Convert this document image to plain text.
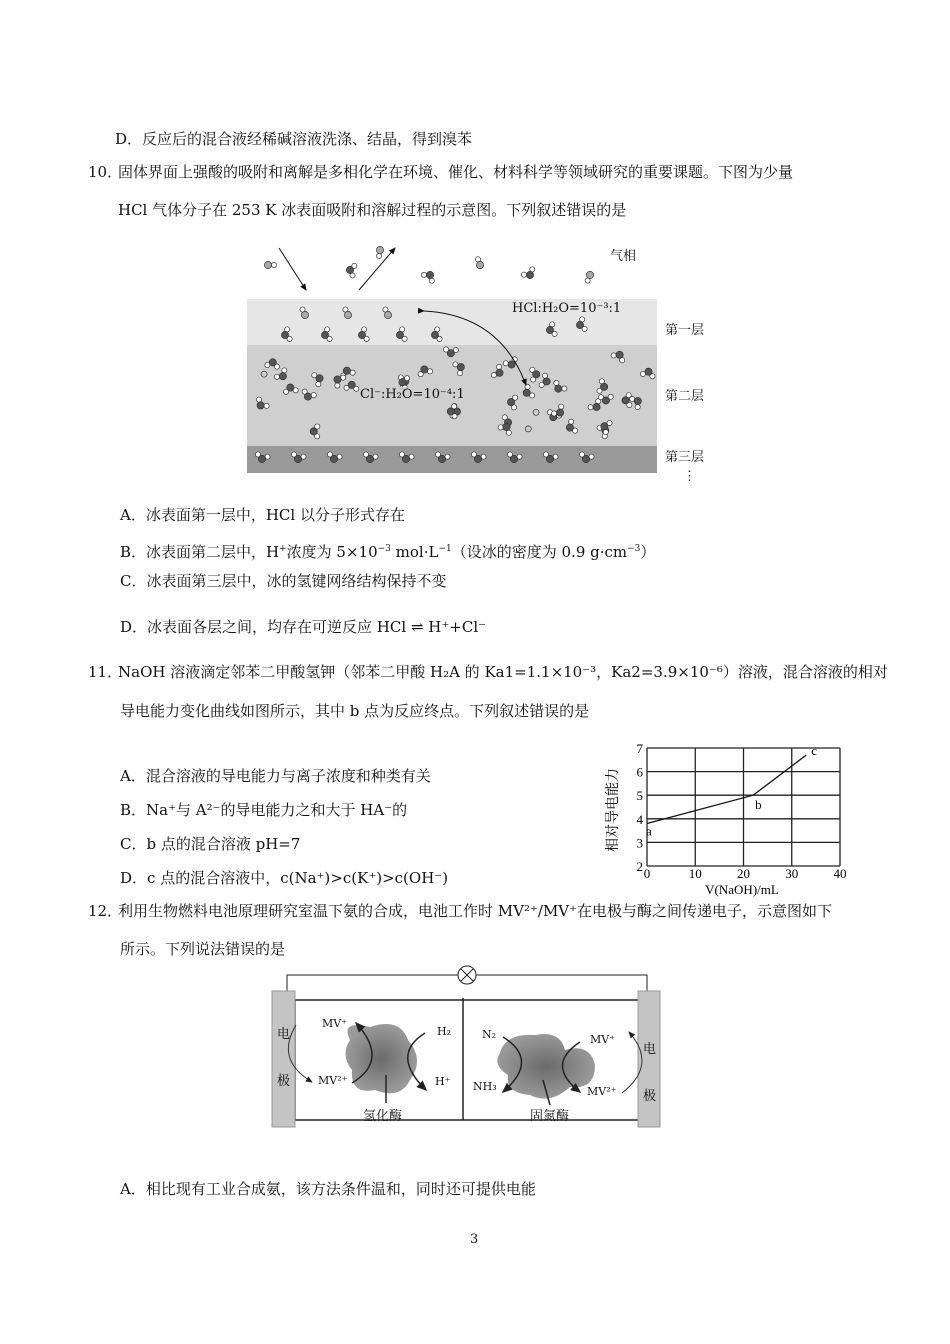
D．反应后的混合液经稀碱溶液洗涤、结晶，得到溴苯
10．
固体界面上强酸的吸附和离解是多相化学在环境、催化、材料科学等领域研究的重要课题。下图为少量
HCl 气体分子在 253 K 冰表面吸附和溶解过程的示意图。下列叙述错误的是
气相
HCl:H₂O=10⁻³:1
Cl⁻:H₂O=10⁻⁴:1
第一层
第二层
第三层
⋮
A．冰表面第一层中，HCl 以分子形式存在
B．冰表面第二层中，H+浓度为 $5\times 10^{-3}$ $mol\cdot L^{-1}$（设冰的密度为 0.9 $g\cdot cm^{-3}$）
C．冰表面第三层中，冰的氢键网络结构保持不变
D．冰表面各层之间，均存在可逆反应 HCl ⇌ H⁺+Cl⁻
11．
NaOH 溶液滴定邻苯二甲酸氢钾（邻苯二甲酸 H₂A 的 Ka1=1.1×10⁻³，Ka2=3.9×10⁻⁶）溶液，混合溶液的相对
导电能力变化曲线如图所示，其中 b 点为反应终点。下列叙述错误的是
A．混合溶液的导电能力与离子浓度和种类有关
B．Na⁺与 A²⁻的导电能力之和大于 HA⁻的
C．b 点的混合溶液 pH=7
D．c 点的混合溶液中，c(Na⁺)>c(K⁺)>c(OH⁻)
相对导电能力
V(NaOH)/mL
0	10	20	30	40
2
3
4
5
6
7
a
b
c
12．
利用生物燃料电池原理研究室温下氨的合成，电池工作时 MV²⁺/MV⁺在电极与酶之间传递电子，示意图如下
所示。下列说法错误的是
电
极
电
极
MV⁺
MV²⁺
H₂
H⁺
N₂
NH₃
MV⁺
MV²⁺
氢化酶	固氮酶
A．相比现有工业合成氨，该方法条件温和，同时还可提供电能
3
